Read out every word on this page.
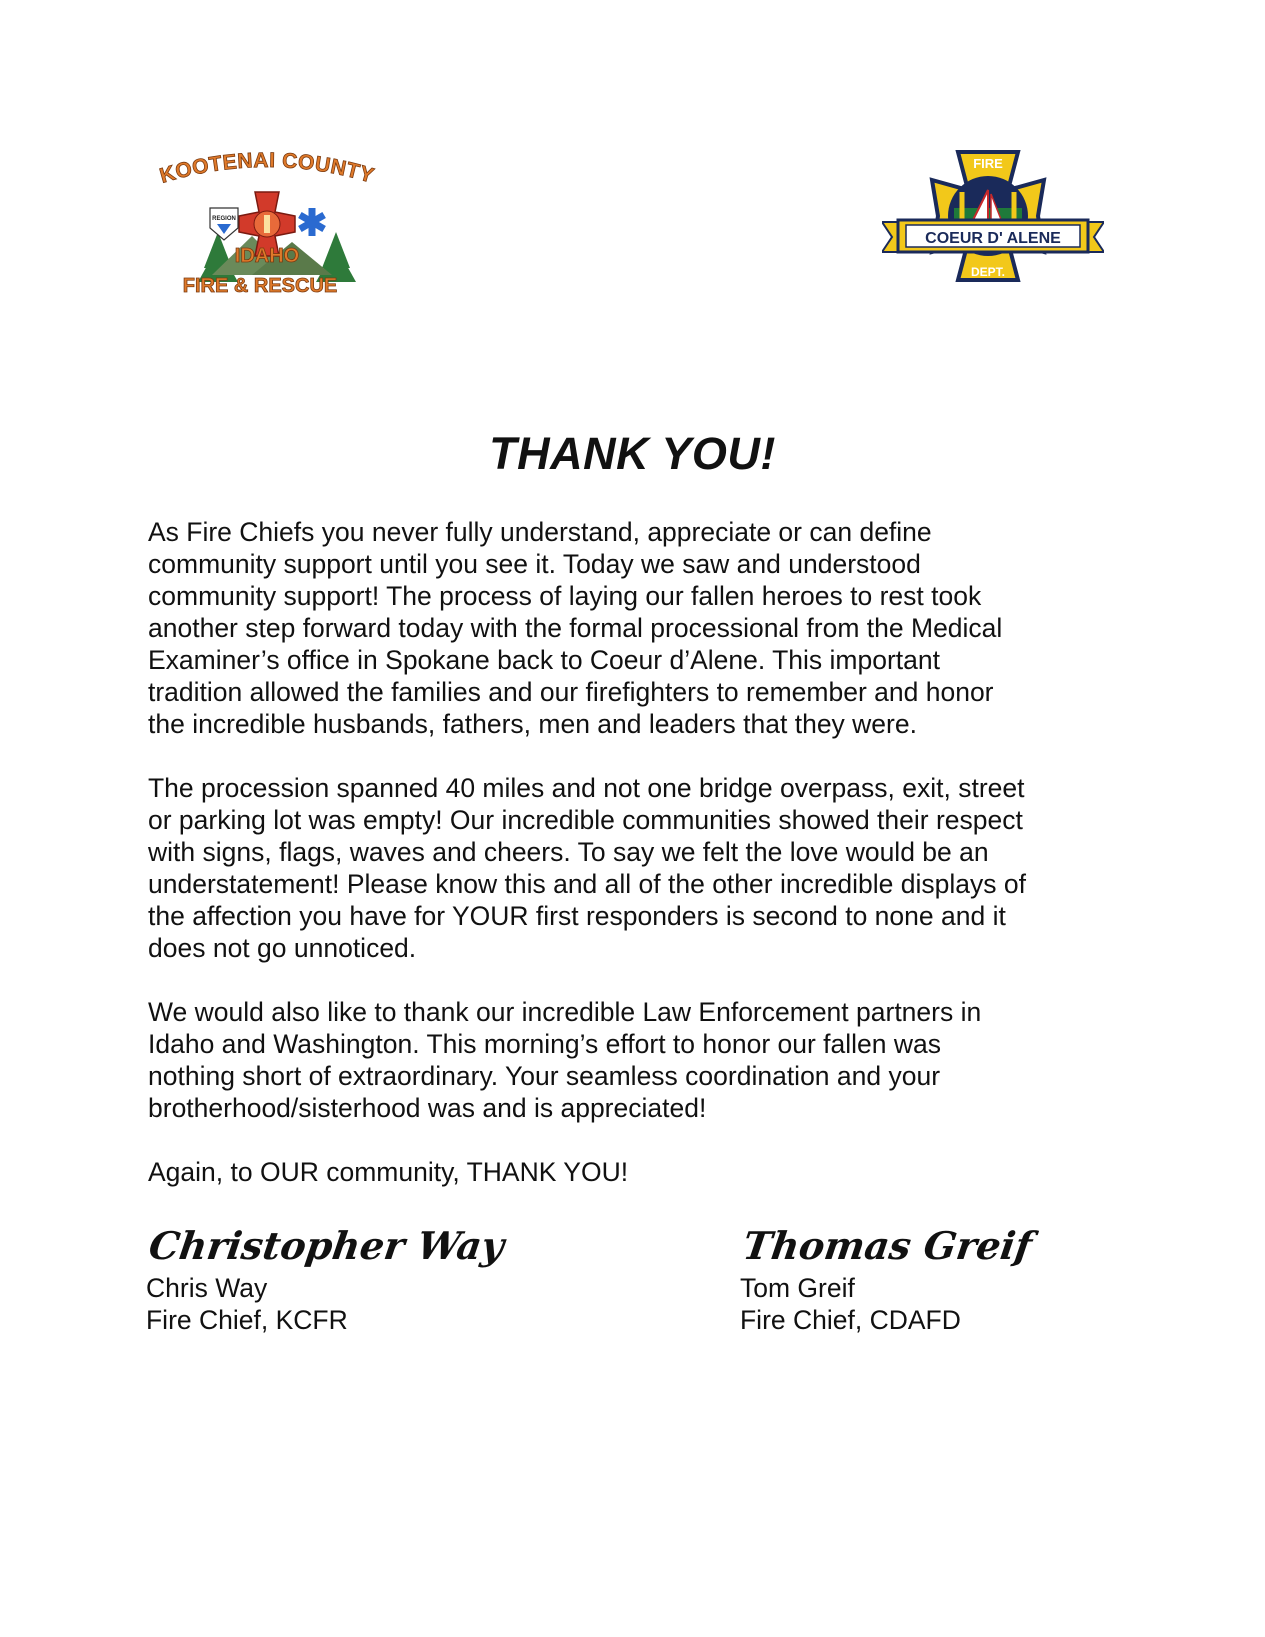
KOOTENAI COUNTY
REGION
IDAHO
FIRE & RESCUE
FIRE
COEUR D' ALENE
DEPT.
THANK YOU!

As Fire Chiefs you never fully understand, appreciate or can define
community support until you see it. Today we saw and understood
community support! The process of laying our fallen heroes to rest took
another step forward today with the formal processional from the Medical
Examiner’s office in Spokane back to Coeur d’Alene. This important
tradition allowed the families and our firefighters to remember and honor
the incredible husbands, fathers, men and leaders that they were.

The procession spanned 40 miles and not one bridge overpass, exit, street
or parking lot was empty! Our incredible communities showed their respect
with signs, flags, waves and cheers. To say we felt the love would be an
understatement! Please know this and all of the other incredible displays of
the affection you have for YOUR first responders is second to none and it
does not go unnoticed.

We would also like to thank our incredible Law Enforcement partners in
Idaho and Washington. This morning’s effort to honor our fallen was
nothing short of extraordinary. Your seamless coordination and your
brotherhood/sisterhood was and is appreciated!

Again, to OUR community, THANK YOU!

Christopher Way
Chris Way
Fire Chief, KCFR
Thomas Greif
Tom Greif
Fire Chief, CDAFD
